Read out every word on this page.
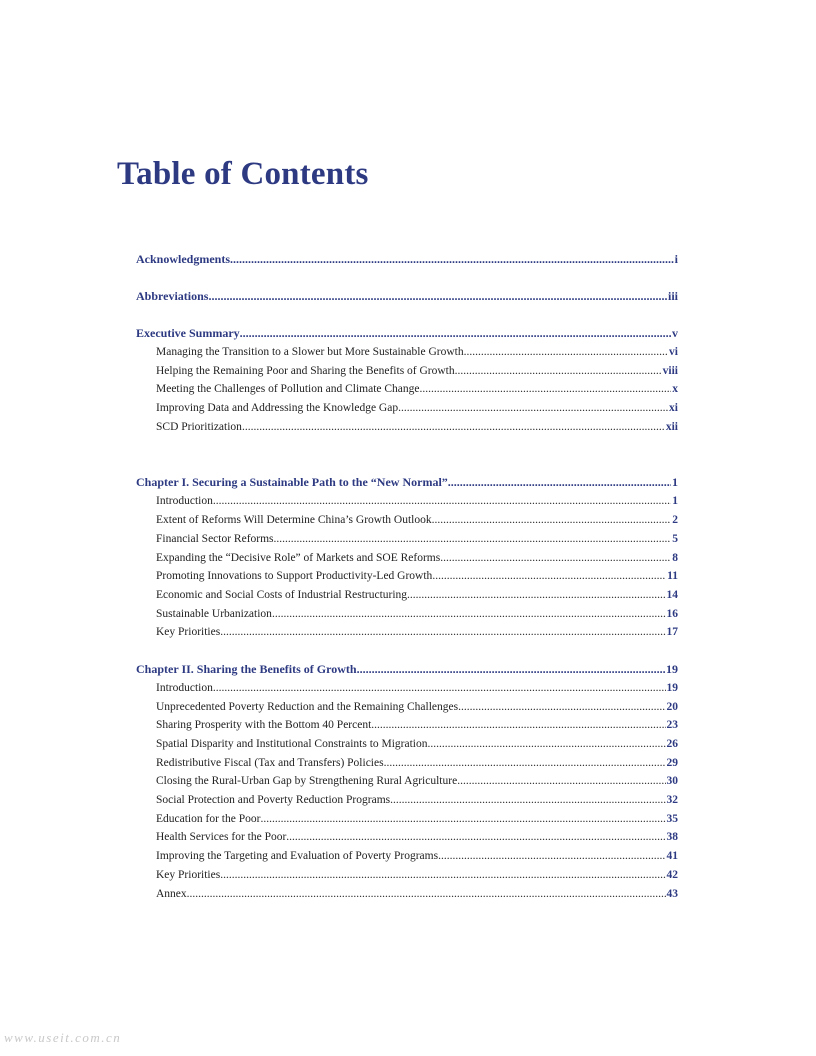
Table of Contents
Acknowledgments .....	i
Abbreviations .....	iii
Executive Summary .....	v
Managing the Transition to a Slower but More Sustainable Growth .....	vi
Helping the Remaining Poor and Sharing the Benefits of Growth .....	viii
Meeting the Challenges of Pollution and Climate Change .....	x
Improving Data and Addressing the Knowledge Gap .....	xi
SCD Prioritization .....	xii
Chapter I. Securing a Sustainable Path to the “New Normal” .....	1
Introduction .....	1
Extent of Reforms Will Determine China’s Growth Outlook .....	2
Financial Sector Reforms .....	5
Expanding the “Decisive Role” of Markets and SOE Reforms .....	8
Promoting Innovations to Support Productivity-Led Growth .....	11
Economic and Social Costs of Industrial Restructuring .....	14
Sustainable Urbanization .....	16
Key Priorities .....	17
Chapter II. Sharing the Benefits of Growth .....	19
Introduction .....	19
Unprecedented Poverty Reduction and the Remaining Challenges .....	20
Sharing Prosperity with the Bottom 40 Percent .....	23
Spatial Disparity and Institutional Constraints to Migration .....	26
Redistributive Fiscal (Tax and Transfers) Policies .....	29
Closing the Rural-Urban Gap by Strengthening Rural Agriculture .....	30
Social Protection and Poverty Reduction Programs .....	32
Education for the Poor .....	35
Health Services for the Poor .....	38
Improving the Targeting and Evaluation of Poverty Programs .....	41
Key Priorities .....	42
Annex .....	43
www.useit.com.cn
